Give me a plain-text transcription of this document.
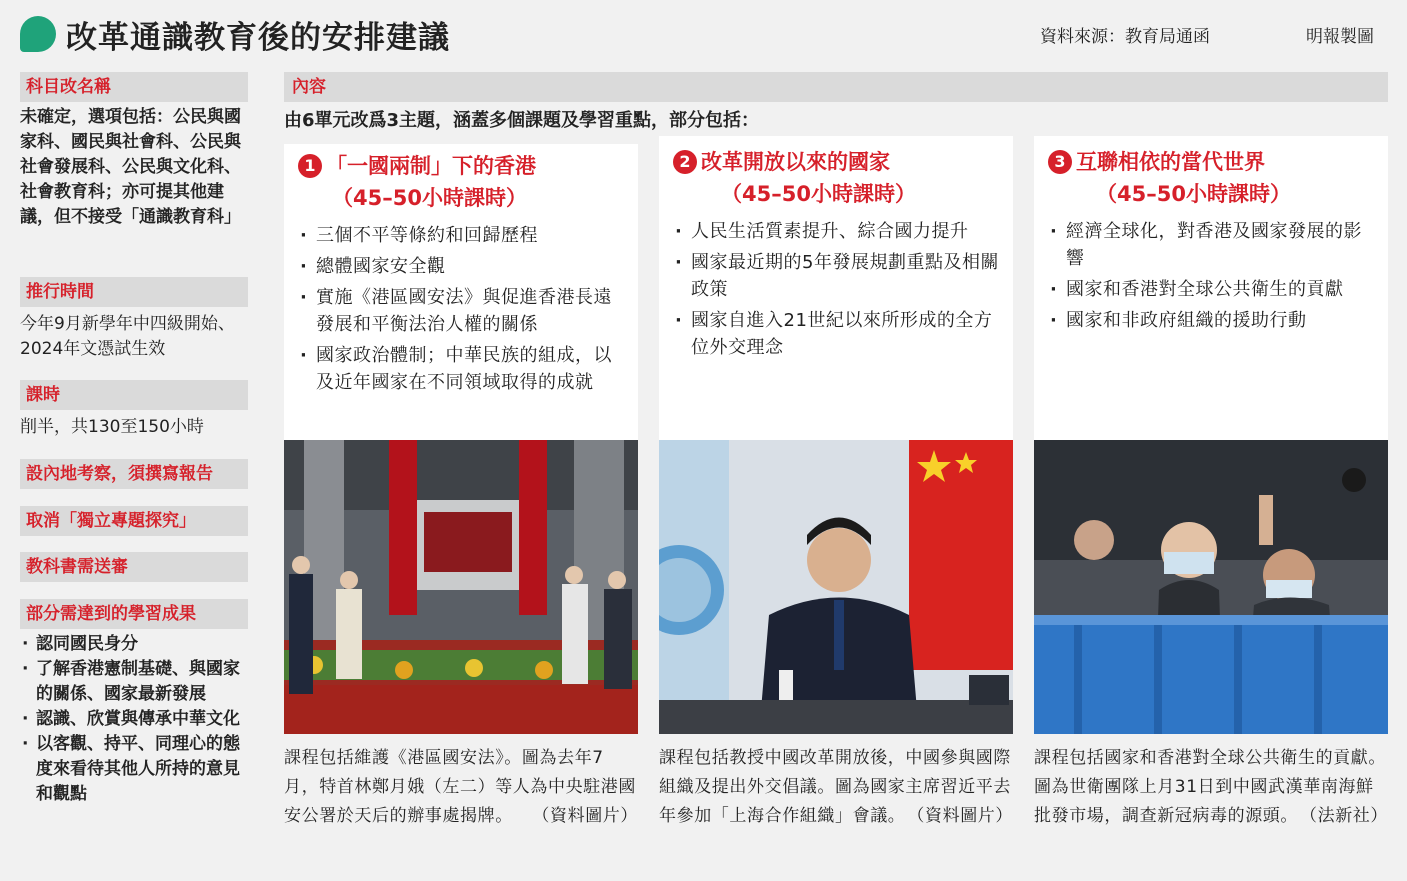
改革通識教育後的安排建議	資料來源：教育局通函	明報製圖
科目改名稱
未確定，選項包括：公民與國家科、國民與社會科、公民與社會發展科、公民與文化科、社會教育科；亦可提其他建議，但不接受「通識教育科」
推行時間
今年9月新學年中四級開始、2024年文憑試生效
課時
削半，共130至150小時
設內地考察，須撰寫報告
取消「獨立專題探究」
教科書需送審
部分需達到的學習成果
· 認同國民身分
· 了解香港憲制基礎、與國家的關係、國家最新發展
· 認識、欣賞與傳承中華文化
· 以客觀、持平、同理心的態度來看待其他人所持的意見和觀點
內容
由6單元改爲3主題，涵蓋多個課題及學習重點，部分包括：
1 「一國兩制」下的香港
（45–50小時課時）
· 三個不平等條約和回歸歷程
· 總體國家安全觀
· 實施《港區國安法》與促進香港長遠發展和平衡法治人權的關係
· 國家政治體制；中華民族的組成，以及近年國家在不同領域取得的成就
2 改革開放以來的國家
（45–50小時課時）
· 人民生活質素提升、綜合國力提升
· 國家最近期的5年發展規劃重點及相關政策
· 國家自進入21世紀以來所形成的全方位外交理念
3 互聯相依的當代世界
（45–50小時課時）
· 經濟全球化，對香港及國家發展的影響
· 國家和香港對全球公共衛生的貢獻
· 國家和非政府組織的援助行動
課程包括維護《港區國安法》。圖為去年7月，特首林鄭月娥（左二）等人為中央駐港國安公署於天后的辦事處揭牌。 （資料圖片）
課程包括教授中國改革開放後，中國參與國際組織及提出外交倡議。圖為國家主席習近平去年參加「上海合作組織」會議。 （資料圖片）
課程包括國家和香港對全球公共衛生的貢獻。圖為世衛團隊上月31日到中國武漢華南海鮮批發市場，調查新冠病毒的源頭。 （法新社）
